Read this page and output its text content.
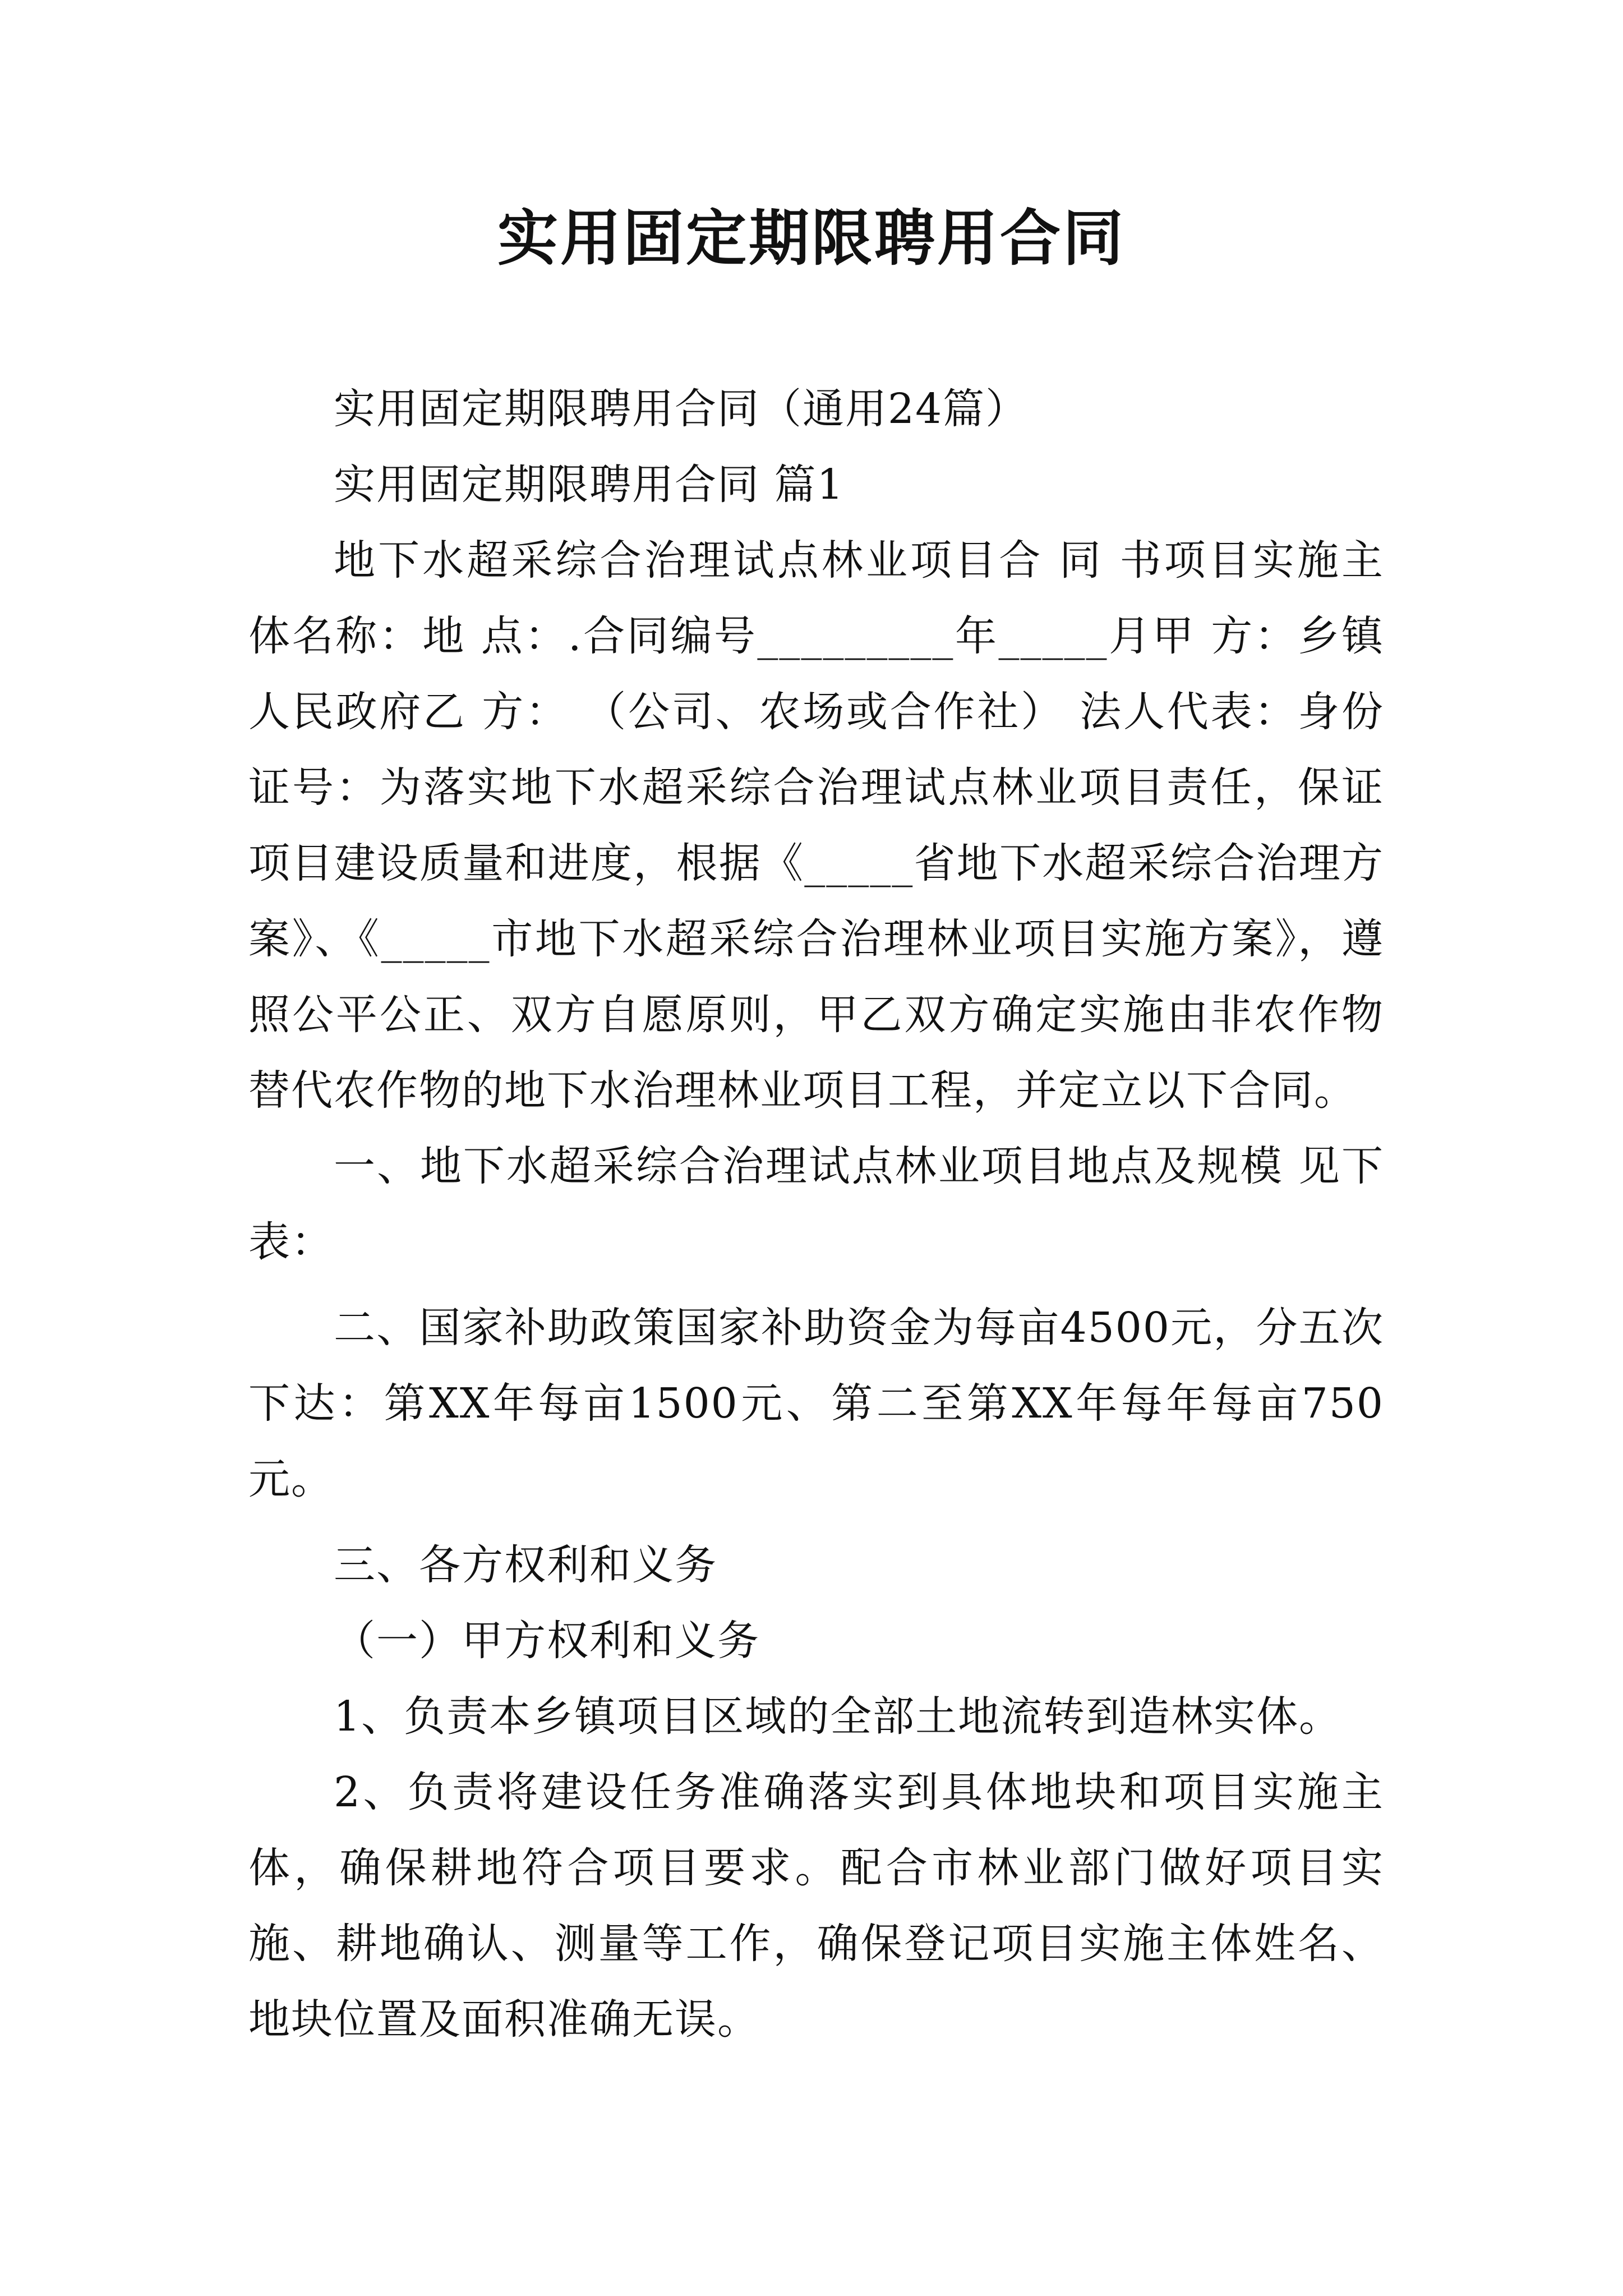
实用固定期限聘用合同

实用固定期限聘用合同（通用24篇）

实用固定期限聘用合同 篇1

地下水超采综合治理试点林业项目合 同 书项目实施主体名称：地 点：.合同编号_________年_____月甲 方：乡镇人民政府乙 方： （公司、农场或合作社） 法人代表：身份证号：为落实地下水超采综合治理试点林业项目责任，保证项目建设质量和进度，根据《_____省地下水超采综合治理方案》、《_____市地下水超采综合治理林业项目实施方案》，遵照公平公正、双方自愿原则，甲乙双方确定实施由非农作物替代农作物的地下水治理林业项目工程，并定立以下合同。

一、地下水超采综合治理试点林业项目地点及规模 见下表：

二、国家补助政策国家补助资金为每亩4500元，分五次下达：第XX年每亩1500元、第二至第XX年每年每亩750元。

三、各方权利和义务

（一）甲方权利和义务

1、负责本乡镇项目区域的全部土地流转到造林实体。

2、负责将建设任务准确落实到具体地块和项目实施主体，确保耕地符合项目要求。配合市林业部门做好项目实施、耕地确认、测量等工作，确保登记项目实施主体姓名、地块位置及面积准确无误。
